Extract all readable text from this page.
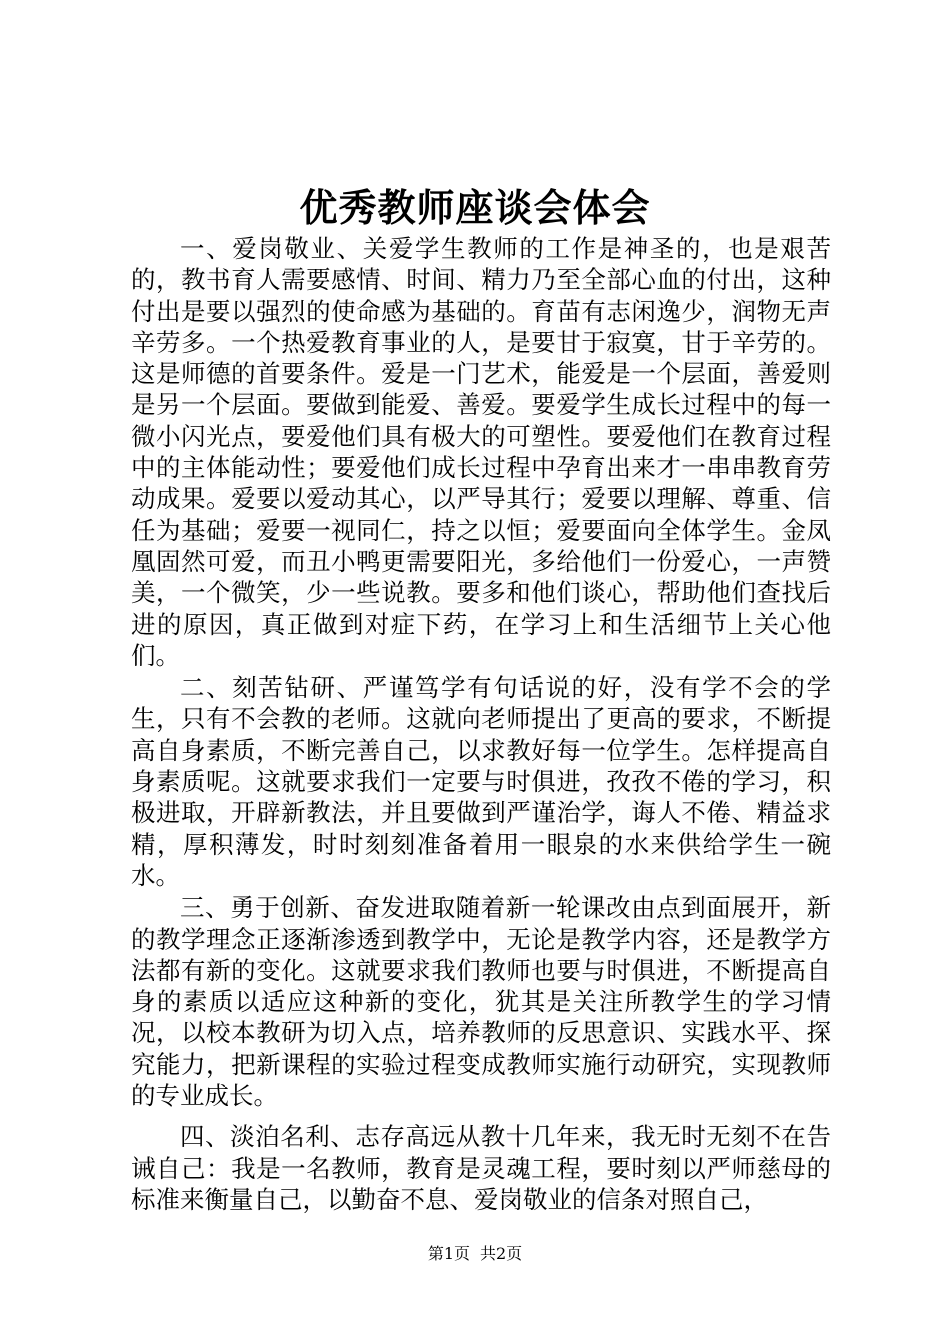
优秀教师座谈会体会

一、爱岗敬业、关爱学生教师的工作是神圣的，也是艰苦的，教书育人需要感情、时间、精力乃至全部心血的付出，这种付出是要以强烈的使命感为基础的。育苗有志闲逸少，润物无声辛劳多。一个热爱教育事业的人，是要甘于寂寞，甘于辛劳的。这是师德的首要条件。爱是一门艺术，能爱是一个层面，善爱则是另一个层面。要做到能爱、善爱。要爱学生成长过程中的每一微小闪光点，要爱他们具有极大的可塑性。要爱他们在教育过程中的主体能动性；要爱他们成长过程中孕育出来才一串串教育劳动成果。爱要以爱动其心，以严导其行；爱要以理解、尊重、信任为基础；爱要一视同仁，持之以恒；爱要面向全体学生。金凤凰固然可爱，而丑小鸭更需要阳光，多给他们一份爱心，一声赞美，一个微笑，少一些说教。要多和他们谈心，帮助他们查找后进的原因，真正做到对症下药，在学习上和生活细节上关心他们。

二、刻苦钻研、严谨笃学有句话说的好，没有学不会的学生，只有不会教的老师。这就向老师提出了更高的要求，不断提高自身素质，不断完善自己，以求教好每一位学生。怎样提高自身素质呢。这就要求我们一定要与时俱进，孜孜不倦的学习，积极进取，开辟新教法，并且要做到严谨治学，诲人不倦、精益求精，厚积薄发，时时刻刻准备着用一眼泉的水来供给学生一碗水。

三、勇于创新、奋发进取随着新一轮课改由点到面展开，新的教学理念正逐渐渗透到教学中，无论是教学内容，还是教学方法都有新的变化。这就要求我们教师也要与时俱进，不断提高自身的素质以适应这种新的变化，犹其是关注所教学生的学习情况，以校本教研为切入点，培养教师的反思意识、实践水平、探究能力，把新课程的实验过程变成教师实施行动研究，实现教师的专业成长。

四、淡泊名利、志存高远从教十几年来，我无时无刻不在告诫自己：我是一名教师，教育是灵魂工程，要时刻以严师慈母的标准来衡量自己，以勤奋不息、爱岗敬业的信条对照自己，

第1页 共2页
